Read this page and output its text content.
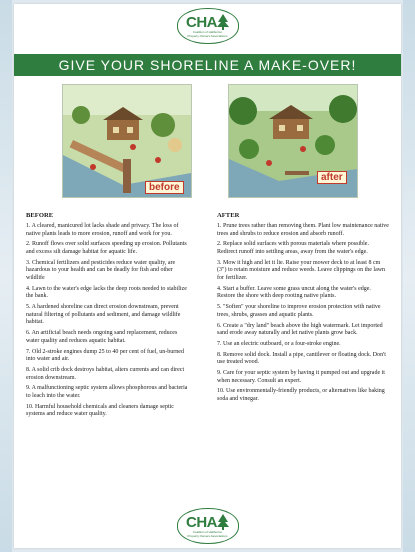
CHA
Coalition of Haliburton
Property Owners Associations
GIVE YOUR SHORELINE A MAKE-OVER!
before
after
BEFORE

1. A cleared, manicured lot lacks shade and privacy. The loss of native plants leads to more erosion, runoff and work for you.

2. Runoff flows over solid surfaces speeding up erosion. Pollutants and excess silt damage habitat for aquatic life.

3. Chemical fertilizers and pesticides reduce water quality, are hazardous to your health and can be deadly for fish and other wildlife

4. Lawn to the water's edge lacks the deep roots needed to stabilize the bank.

5. A hardened shoreline can direct erosion downstream, prevent natural filtering of pollutants and sediment, and damage wildlife habitat.

6. An artificial beach needs ongoing sand replacement, reduces water quality and reduces aquatic habitat.

7. Old 2-stroke engines dump 25 to 40 per cent of fuel, un-burned into water and air.

8. A solid crib dock destroys habitat, alters currents and can direct erosion downstream.

9. A malfunctioning septic system allows phosphorous and bacteria to leach into the water.

10. Harmful household chemicals and cleaners damage septic systems and reduce water quality.

AFTER

1. Prune trees rather than removing them. Plant low maintenance native trees and shrubs to reduce erosion and absorb runoff.

2. Replace solid surfaces with porous materials where possible. Redirect runoff into settling areas, away from the water's edge.

3. Mow it high and let it lie. Raise your mower deck to at least 8 cm (3") to retain moisture and reduce weeds. Leave clippings on the lawn for fertilizer.

4. Start a buffer. Leave some grass uncut along the water's edge. Restore the shore with deep rooting native plants.

5. "Soften" your shoreline to improve erosion protection with native trees, shrubs, grasses and aquatic plants.

6. Create a "dry land" beach above the high watermark. Let imported sand erode away naturally and let native plants grow back.

7. Use an electric outboard, or a four-stroke engine.

8. Remove solid dock. Install a pipe, cantilever or floating dock. Don't use treated wood.

9. Care for your septic system by having it pumped out and upgrade it when necessary. Consult an expert.

10. Use environmentally-friendly products, or alternatives like baking soda and vinegar.

CHA
Coalition of Haliburton
Property Owners Associations
